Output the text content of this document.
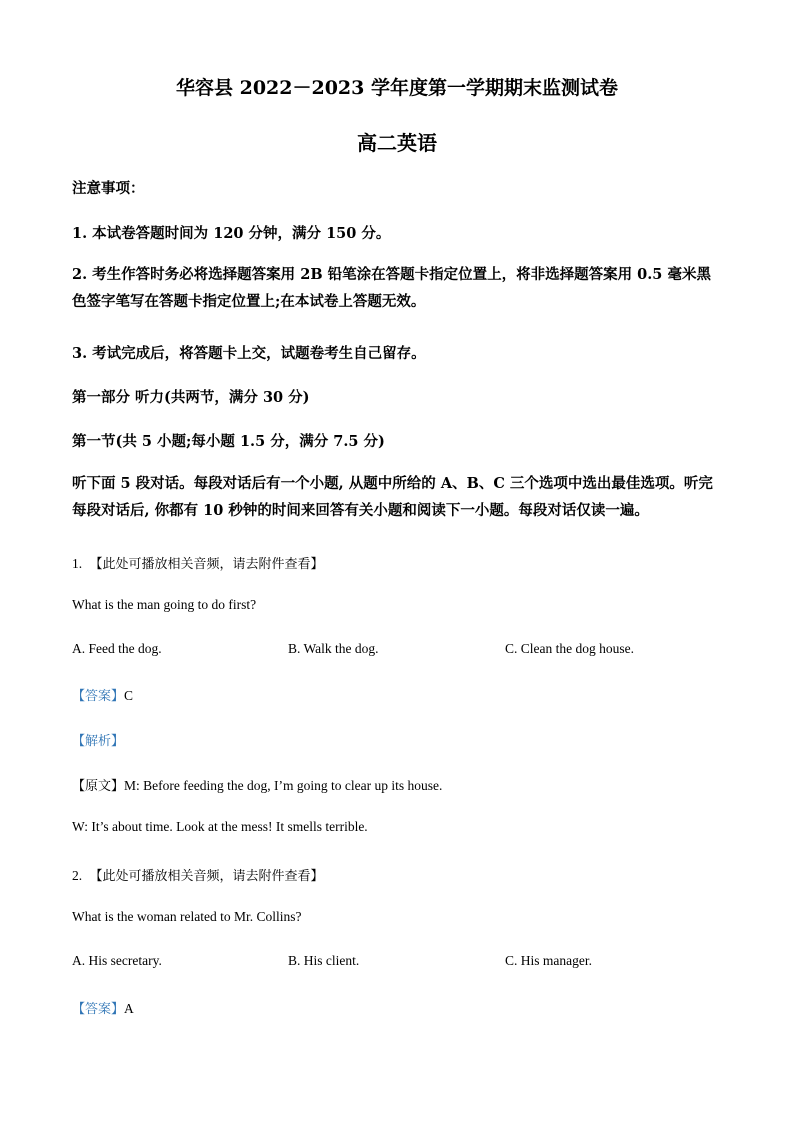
华容县 2022－2023 学年度第一学期期末监测试卷
高二英语
注意事项：
1. 本试卷答题时间为 120 分钟，满分 150 分。
2. 考生作答时务必将选择题答案用 2B 铅笔涂在答题卡指定位置上，将非选择题答案用 0.5 毫米黑色签字笔写在答题卡指定位置上;在本试卷上答题无效。
3. 考试完成后，将答题卡上交，试题卷考生自己留存。
第一部分 听力(共两节，满分 30 分)
第一节(共 5 小题;每小题 1.5 分，满分 7.5 分)
听下面 5 段对话。每段对话后有一个小题, 从题中所给的 A、B、C 三个选项中选出最佳选项。听完每段对话后, 你都有 10 秒钟的时间来回答有关小题和阅读下一小题。每段对话仅读一遍。
1. 【此处可播放相关音频，请去附件查看】
What is the man going to do first?
A. Feed the dog.	B. Walk the dog.	C. Clean the dog house.
【答案】C
【解析】
【原文】M: Before feeding the dog, I’m going to clear up its house.
W: It’s about time. Look at the mess! It smells terrible.
2. 【此处可播放相关音频，请去附件查看】
What is the woman related to Mr. Collins?
A. His secretary.	B. His client.	C. His manager.
【答案】A
